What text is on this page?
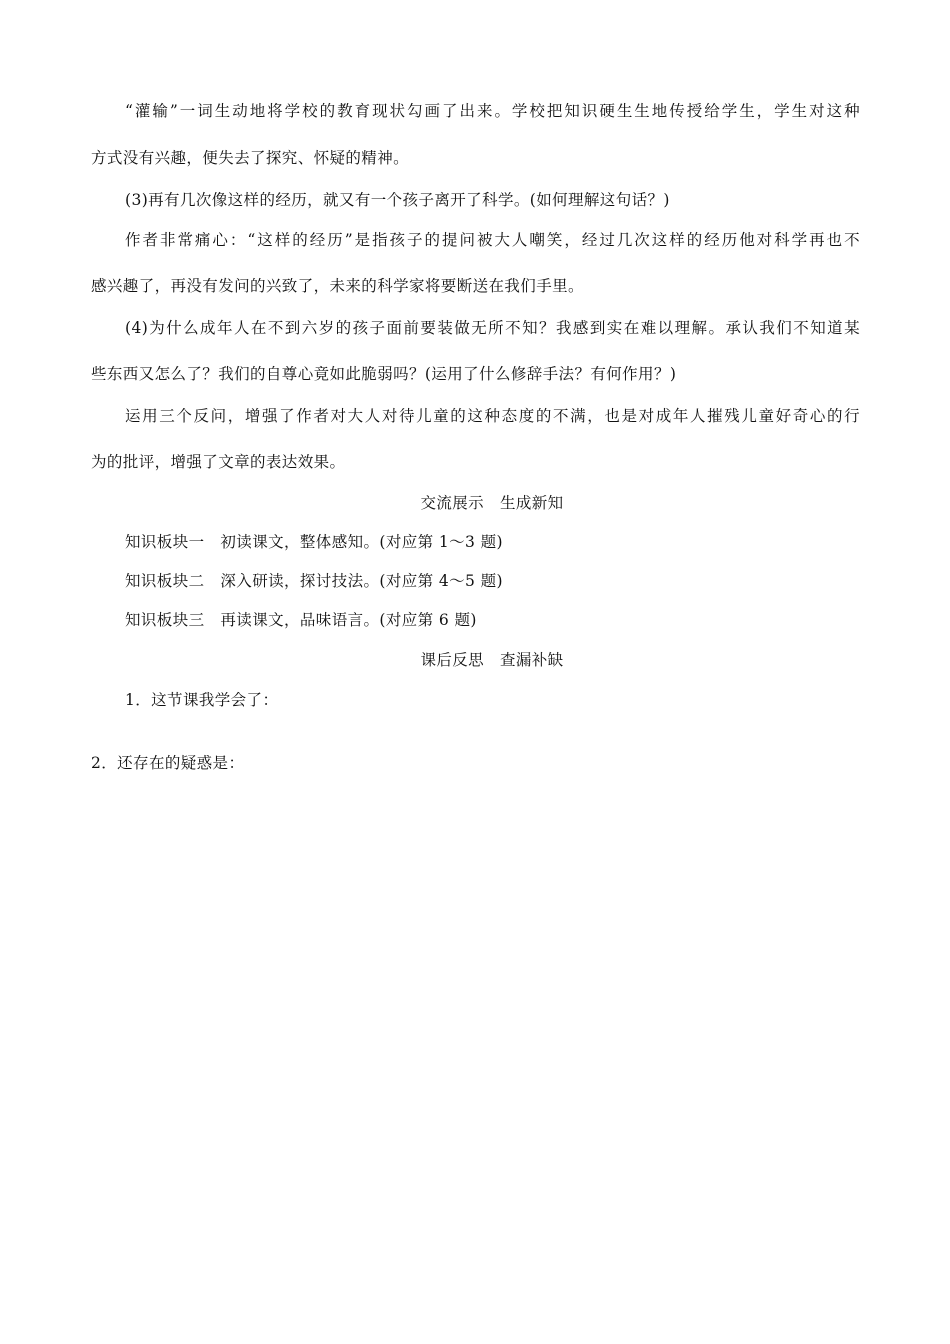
“灌输”一词生动地将学校的教育现状勾画了出来。学校把知识硬生生地传授给学生，学生对这种
方式没有兴趣，便失去了探究、怀疑的精神。
(3)再有几次像这样的经历，就又有一个孩子离开了科学。(如何理解这句话？)
作者非常痛心：“这样的经历”是指孩子的提问被大人嘲笑，经过几次这样的经历他对科学再也不
感兴趣了，再没有发问的兴致了，未来的科学家将要断送在我们手里。
(4)为什么成年人在不到六岁的孩子面前要装做无所不知？我感到实在难以理解。承认我们不知道某
些东西又怎么了？我们的自尊心竟如此脆弱吗？(运用了什么修辞手法？有何作用？)
运用三个反问，增强了作者对大人对待儿童的这种态度的不满，也是对成年人摧残儿童好奇心的行
为的批评，增强了文章的表达效果。
交流展示　生成新知
知识板块一　初读课文，整体感知。(对应第 1～3 题)
知识板块二　深入研读，探讨技法。(对应第 4～5 题)
知识板块三　再读课文，品味语言。(对应第 6 题)
课后反思　查漏补缺
1．这节课我学会了：
2．还存在的疑惑是：
